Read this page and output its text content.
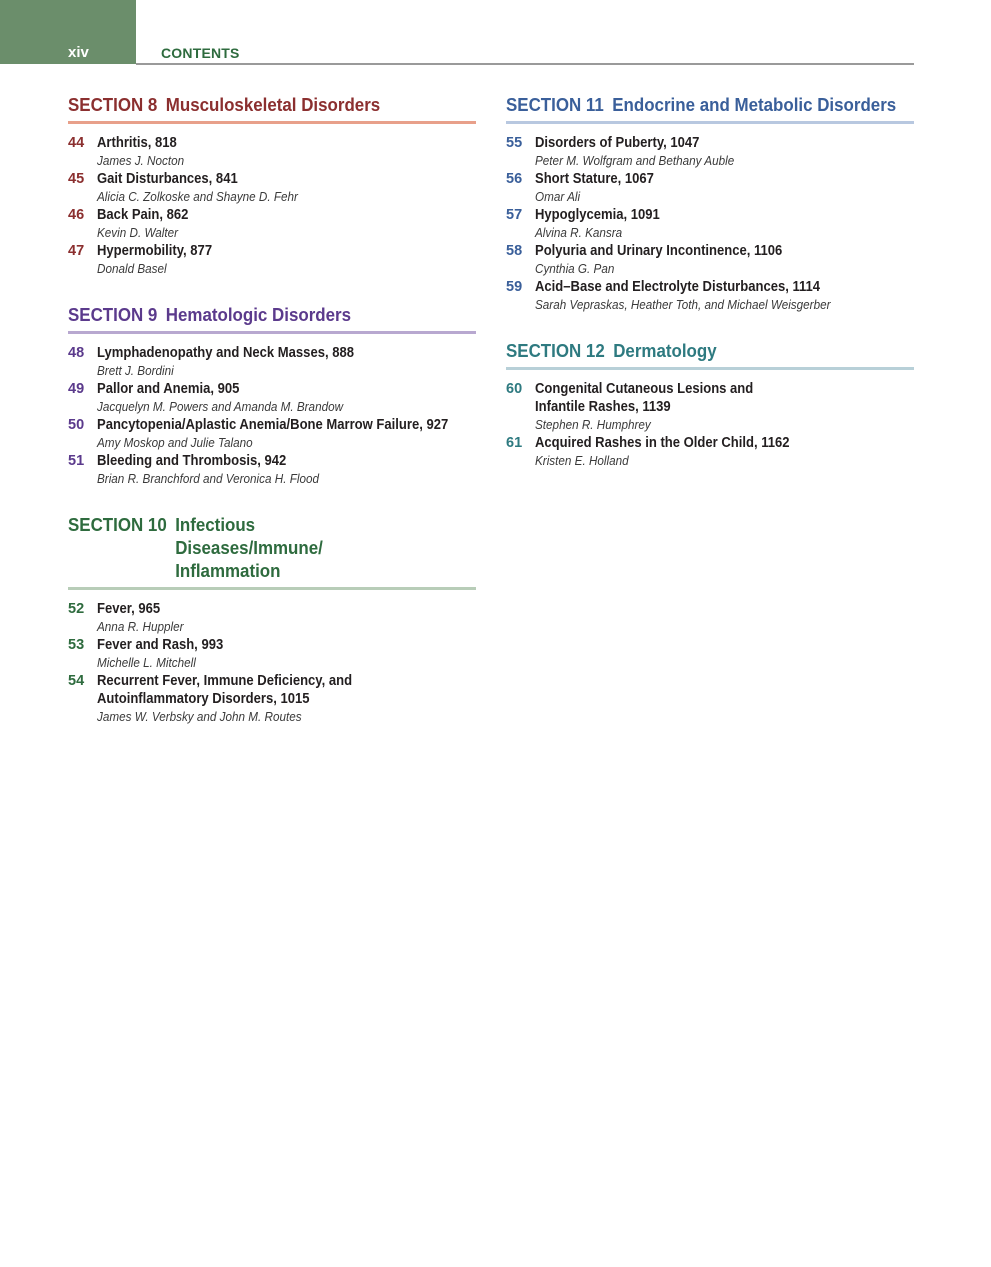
xiv	CONTENTS
SECTION 8 Musculoskeletal Disorders
44 Arthritis, 818
James J. Nocton
45 Gait Disturbances, 841
Alicia C. Zolkoske and Shayne D. Fehr
46 Back Pain, 862
Kevin D. Walter
47 Hypermobility, 877
Donald Basel
SECTION 9 Hematologic Disorders
48 Lymphadenopathy and Neck Masses, 888
Brett J. Bordini
49 Pallor and Anemia, 905
Jacquelyn M. Powers and Amanda M. Brandow
50 Pancytopenia/Aplastic Anemia/Bone Marrow Failure, 927
Amy Moskop and Julie Talano
51 Bleeding and Thrombosis, 942
Brian R. Branchford and Veronica H. Flood
SECTION 10 Infectious Diseases/Immune/ Inflammation
52 Fever, 965
Anna R. Huppler
53 Fever and Rash, 993
Michelle L. Mitchell
54 Recurrent Fever, Immune Deficiency, and Autoinflammatory Disorders, 1015
James W. Verbsky and John M. Routes
SECTION 11 Endocrine and Metabolic Disorders
55 Disorders of Puberty, 1047
Peter M. Wolfgram and Bethany Auble
56 Short Stature, 1067
Omar Ali
57 Hypoglycemia, 1091
Alvina R. Kansra
58 Polyuria and Urinary Incontinence, 1106
Cynthia G. Pan
59 Acid–Base and Electrolyte Disturbances, 1114
Sarah Vepraskas, Heather Toth, and Michael Weisgerber
SECTION 12 Dermatology
60 Congenital Cutaneous Lesions and Infantile Rashes, 1139
Stephen R. Humphrey
61 Acquired Rashes in the Older Child, 1162
Kristen E. Holland
